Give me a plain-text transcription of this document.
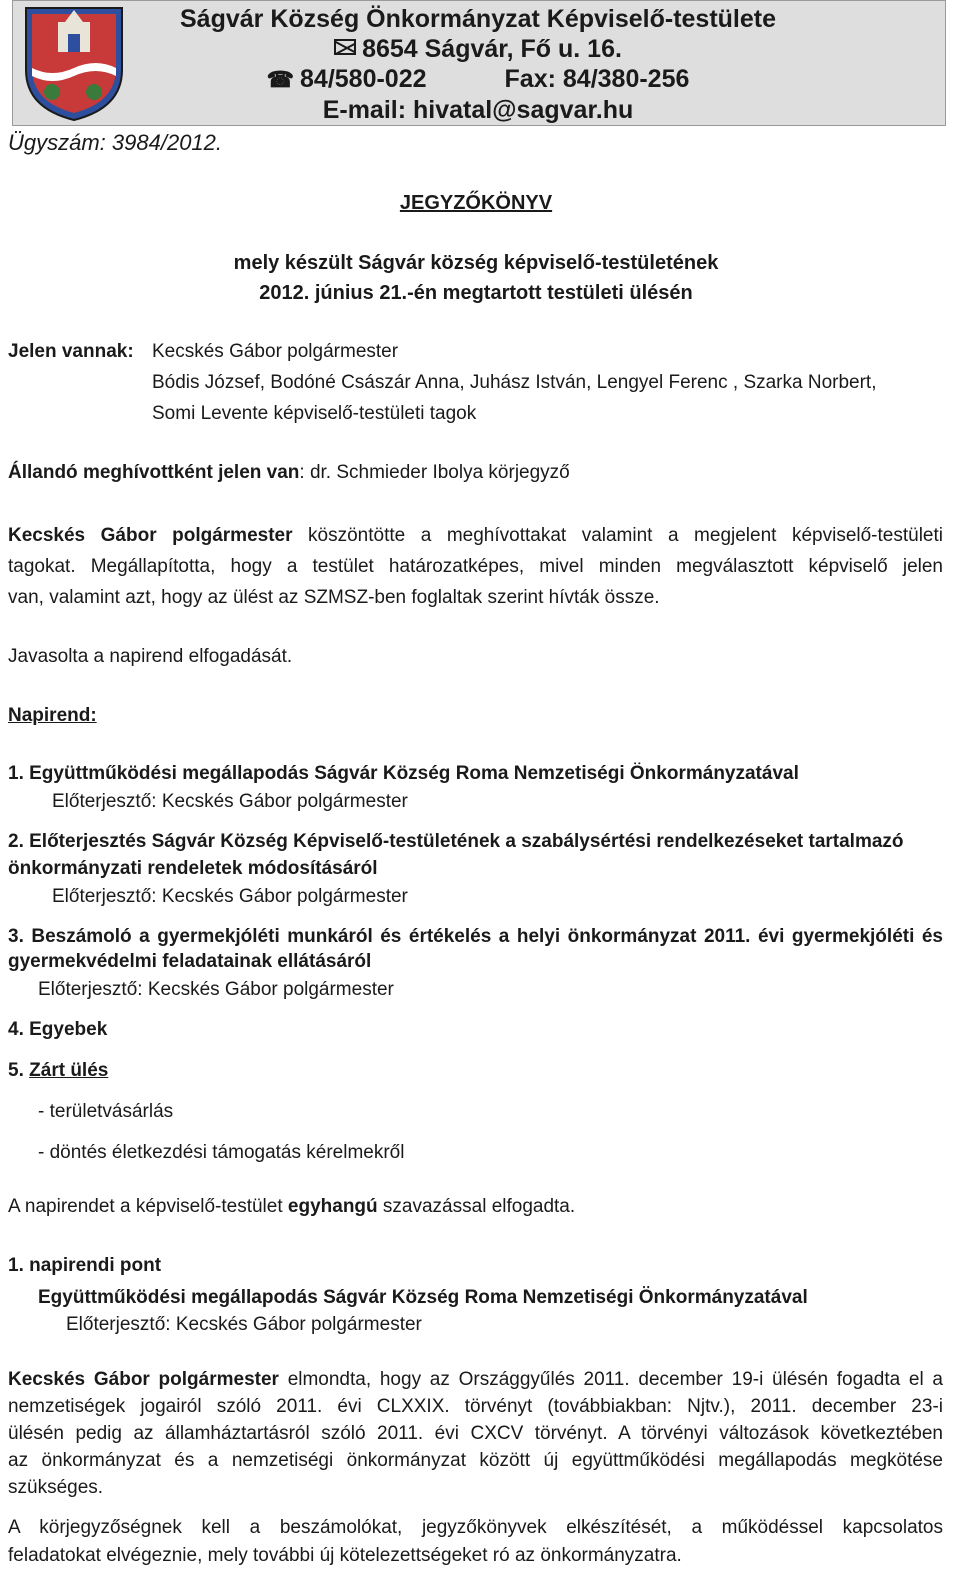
Ságvár Község Önkormányzat Képviselő-testülete
8654 Ságvár, Fő u. 16.
☎ 84/580-022	Fax: 84/380-256
E-mail: hivatal@sagvar.hu
Ügyszám: 3984/2012.
JEGYZŐKÖNYV
mely készült Ságvár község képviselő-testületének
2012. június 21.-én megtartott testületi ülésén
Jelen vannak: Kecskés Gábor polgármester
Bódis József, Bodóné Császár Anna, Juhász István, Lengyel Ferenc , Szarka Norbert,
Somi Levente képviselő-testületi tagok
Állandó meghívottként jelen van: dr. Schmieder Ibolya körjegyző
Kecskés Gábor polgármester köszöntötte a meghívottakat valamint a megjelent képviselő-testületi
tagokat. Megállapította, hogy a testület határozatképes, mivel minden megválasztott képviselő jelen
van, valamint azt, hogy az ülést az SZMSZ-ben foglaltak szerint hívták össze.
Javasolta a napirend elfogadását.
Napirend:
1. Együttműködési megállapodás Ságvár Község Roma Nemzetiségi Önkormányzatával
Előterjesztő: Kecskés Gábor polgármester
2. Előterjesztés Ságvár Község Képviselő-testületének a szabálysértési rendelkezéseket tartalmazó
önkormányzati rendeletek módosításáról
Előterjesztő: Kecskés Gábor polgármester
3. Beszámoló a gyermekjóléti munkáról és értékelés a helyi önkormányzat 2011. évi gyermekjóléti és
gyermekvédelmi feladatainak ellátásáról
Előterjesztő: Kecskés Gábor polgármester
4. Egyebek
5. Zárt ülés
- területvásárlás
- döntés életkezdési támogatás kérelmekről
A napirendet a képviselő-testület egyhangú szavazással elfogadta.
1. napirendi pont
Együttműködési megállapodás Ságvár Község Roma Nemzetiségi Önkormányzatával
Előterjesztő: Kecskés Gábor polgármester
Kecskés Gábor polgármester elmondta, hogy az Országgyűlés 2011. december 19-i ülésén fogadta el a
nemzetiségek jogairól szóló 2011. évi CLXXIX. törvényt (továbbiakban: Njtv.), 2011. december 23-i
ülésén pedig az államháztartásról szóló 2011. évi CXCV törvényt. A törvényi változások következtében
az önkormányzat és a nemzetiségi önkormányzat között új együttműködési megállapodás megkötése
szükséges.
A körjegyzőségnek kell a beszámolókat, jegyzőkönyvek elkészítését, a működéssel kapcsolatos
feladatokat elvégeznie, mely további új kötelezettségeket ró az önkormányzatra.
